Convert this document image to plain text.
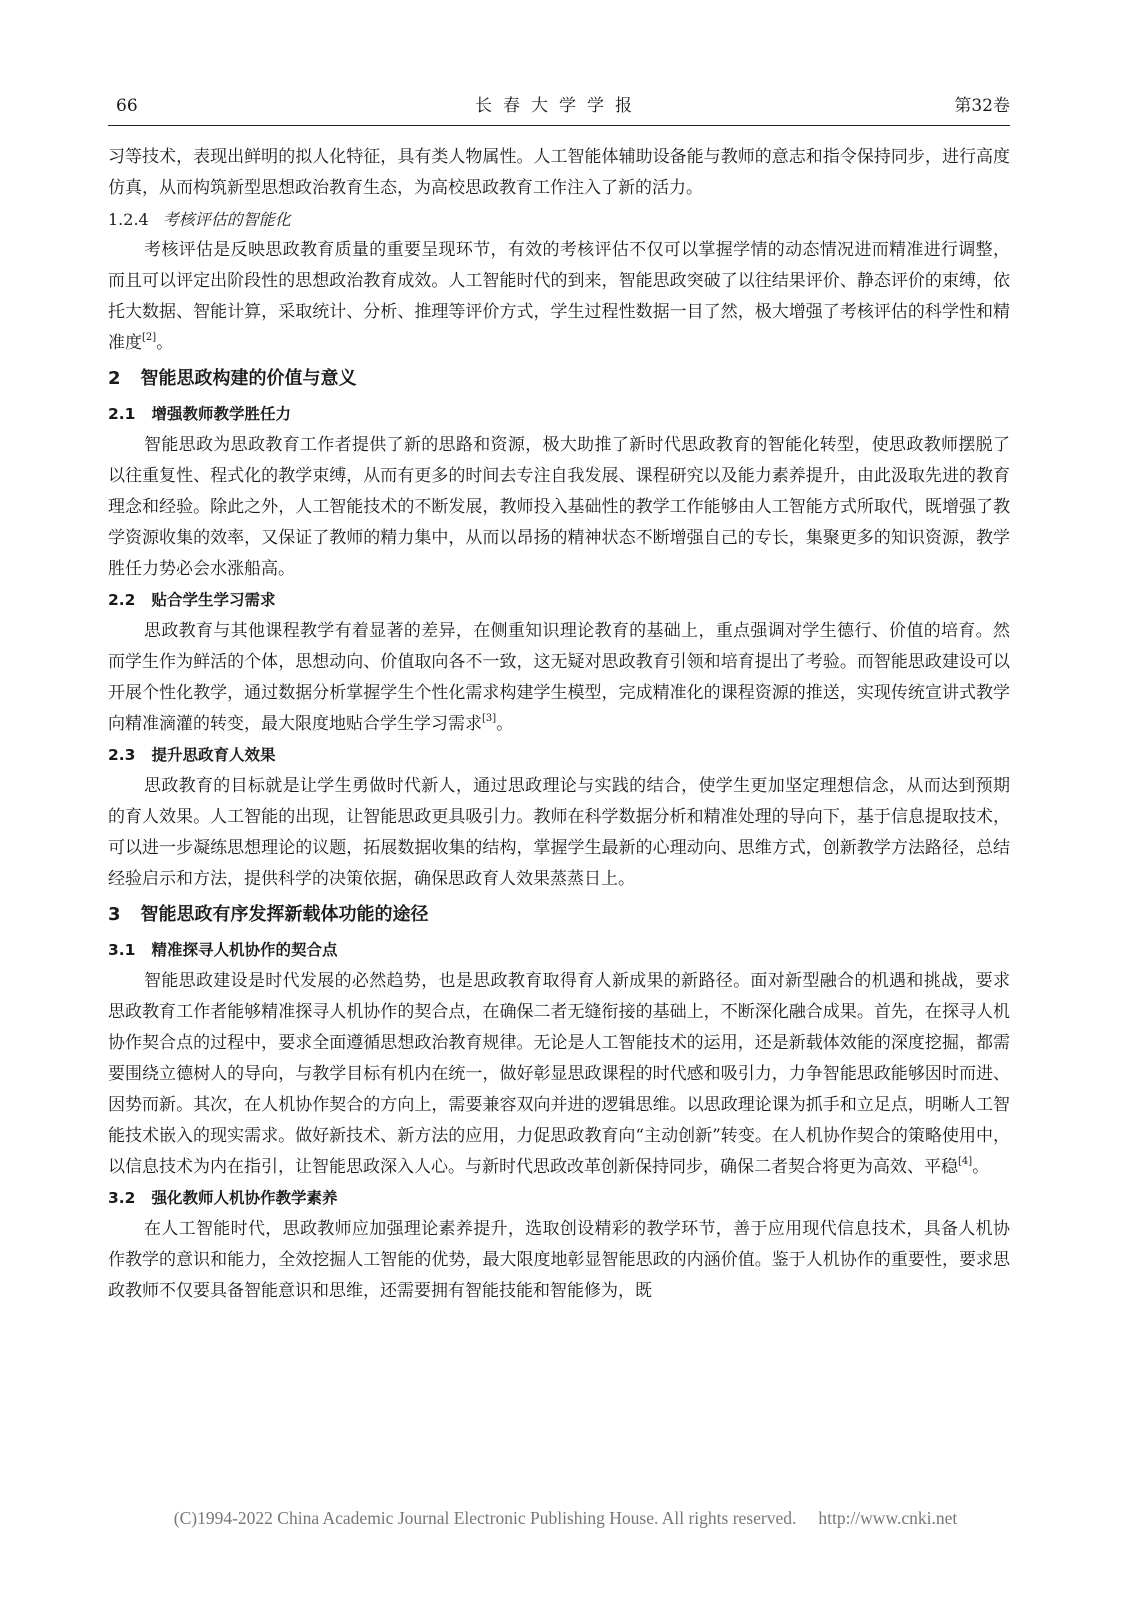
66	长春大学学报	第32卷

习等技术，表现出鲜明的拟人化特征，具有类人物属性。人工智能体辅助设备能与教师的意志和指令保持同步，进行高度仿真，从而构筑新型思想政治教育生态，为高校思政教育工作注入了新的活力。

1.2.4 考核评估的智能化

考核评估是反映思政教育质量的重要呈现环节，有效的考核评估不仅可以掌握学情的动态情况进而精准进行调整，而且可以评定出阶段性的思想政治教育成效。人工智能时代的到来，智能思政突破了以往结果评价、静态评价的束缚，依托大数据、智能计算，采取统计、分析、推理等评价方式，学生过程性数据一目了然，极大增强了考核评估的科学性和精准度[2]。

2 智能思政构建的价值与意义
2.1 增强教师教学胜任力

智能思政为思政教育工作者提供了新的思路和资源，极大助推了新时代思政教育的智能化转型，使思政教师摆脱了以往重复性、程式化的教学束缚，从而有更多的时间去专注自我发展、课程研究以及能力素养提升，由此汲取先进的教育理念和经验。除此之外，人工智能技术的不断发展，教师投入基础性的教学工作能够由人工智能方式所取代，既增强了教学资源收集的效率，又保证了教师的精力集中，从而以昂扬的精神状态不断增强自己的专长，集聚更多的知识资源，教学胜任力势必会水涨船高。

2.2 贴合学生学习需求

思政教育与其他课程教学有着显著的差异，在侧重知识理论教育的基础上，重点强调对学生德行、价值的培育。然而学生作为鲜活的个体，思想动向、价值取向各不一致，这无疑对思政教育引领和培育提出了考验。而智能思政建设可以开展个性化教学，通过数据分析掌握学生个性化需求构建学生模型，完成精准化的课程资源的推送，实现传统宣讲式教学向精准滴灌的转变，最大限度地贴合学生学习需求[3]。

2.3 提升思政育人效果

思政教育的目标就是让学生勇做时代新人，通过思政理论与实践的结合，使学生更加坚定理想信念，从而达到预期的育人效果。人工智能的出现，让智能思政更具吸引力。教师在科学数据分析和精准处理的导向下，基于信息提取技术，可以进一步凝练思想理论的议题，拓展数据收集的结构，掌握学生最新的心理动向、思维方式，创新教学方法路径，总结经验启示和方法，提供科学的决策依据，确保思政育人效果蒸蒸日上。

3 智能思政有序发挥新载体功能的途径
3.1 精准探寻人机协作的契合点

智能思政建设是时代发展的必然趋势，也是思政教育取得育人新成果的新路径。面对新型融合的机遇和挑战，要求思政教育工作者能够精准探寻人机协作的契合点，在确保二者无缝衔接的基础上，不断深化融合成果。首先，在探寻人机协作契合点的过程中，要求全面遵循思想政治教育规律。无论是人工智能技术的运用，还是新载体效能的深度挖掘，都需要围绕立德树人的导向，与教学目标有机内在统一，做好彰显思政课程的时代感和吸引力，力争智能思政能够因时而进、因势而新。其次，在人机协作契合的方向上，需要兼容双向并进的逻辑思维。以思政理论课为抓手和立足点，明晰人工智能技术嵌入的现实需求。做好新技术、新方法的应用，力促思政教育向“主动创新”转变。在人机协作契合的策略使用中，以信息技术为内在指引，让智能思政深入人心。与新时代思政改革创新保持同步，确保二者契合将更为高效、平稳[4]。

3.2 强化教师人机协作教学素养

在人工智能时代，思政教师应加强理论素养提升，选取创设精彩的教学环节，善于应用现代信息技术，具备人机协作教学的意识和能力，全效挖掘人工智能的优势，最大限度地彰显智能思政的内涵价值。鉴于人机协作的重要性，要求思政教师不仅要具备智能意识和思维，还需要拥有智能技能和智能修为，既

(C)1994-2022 China Academic Journal Electronic Publishing House. All rights reserved. http://www.cnki.net
